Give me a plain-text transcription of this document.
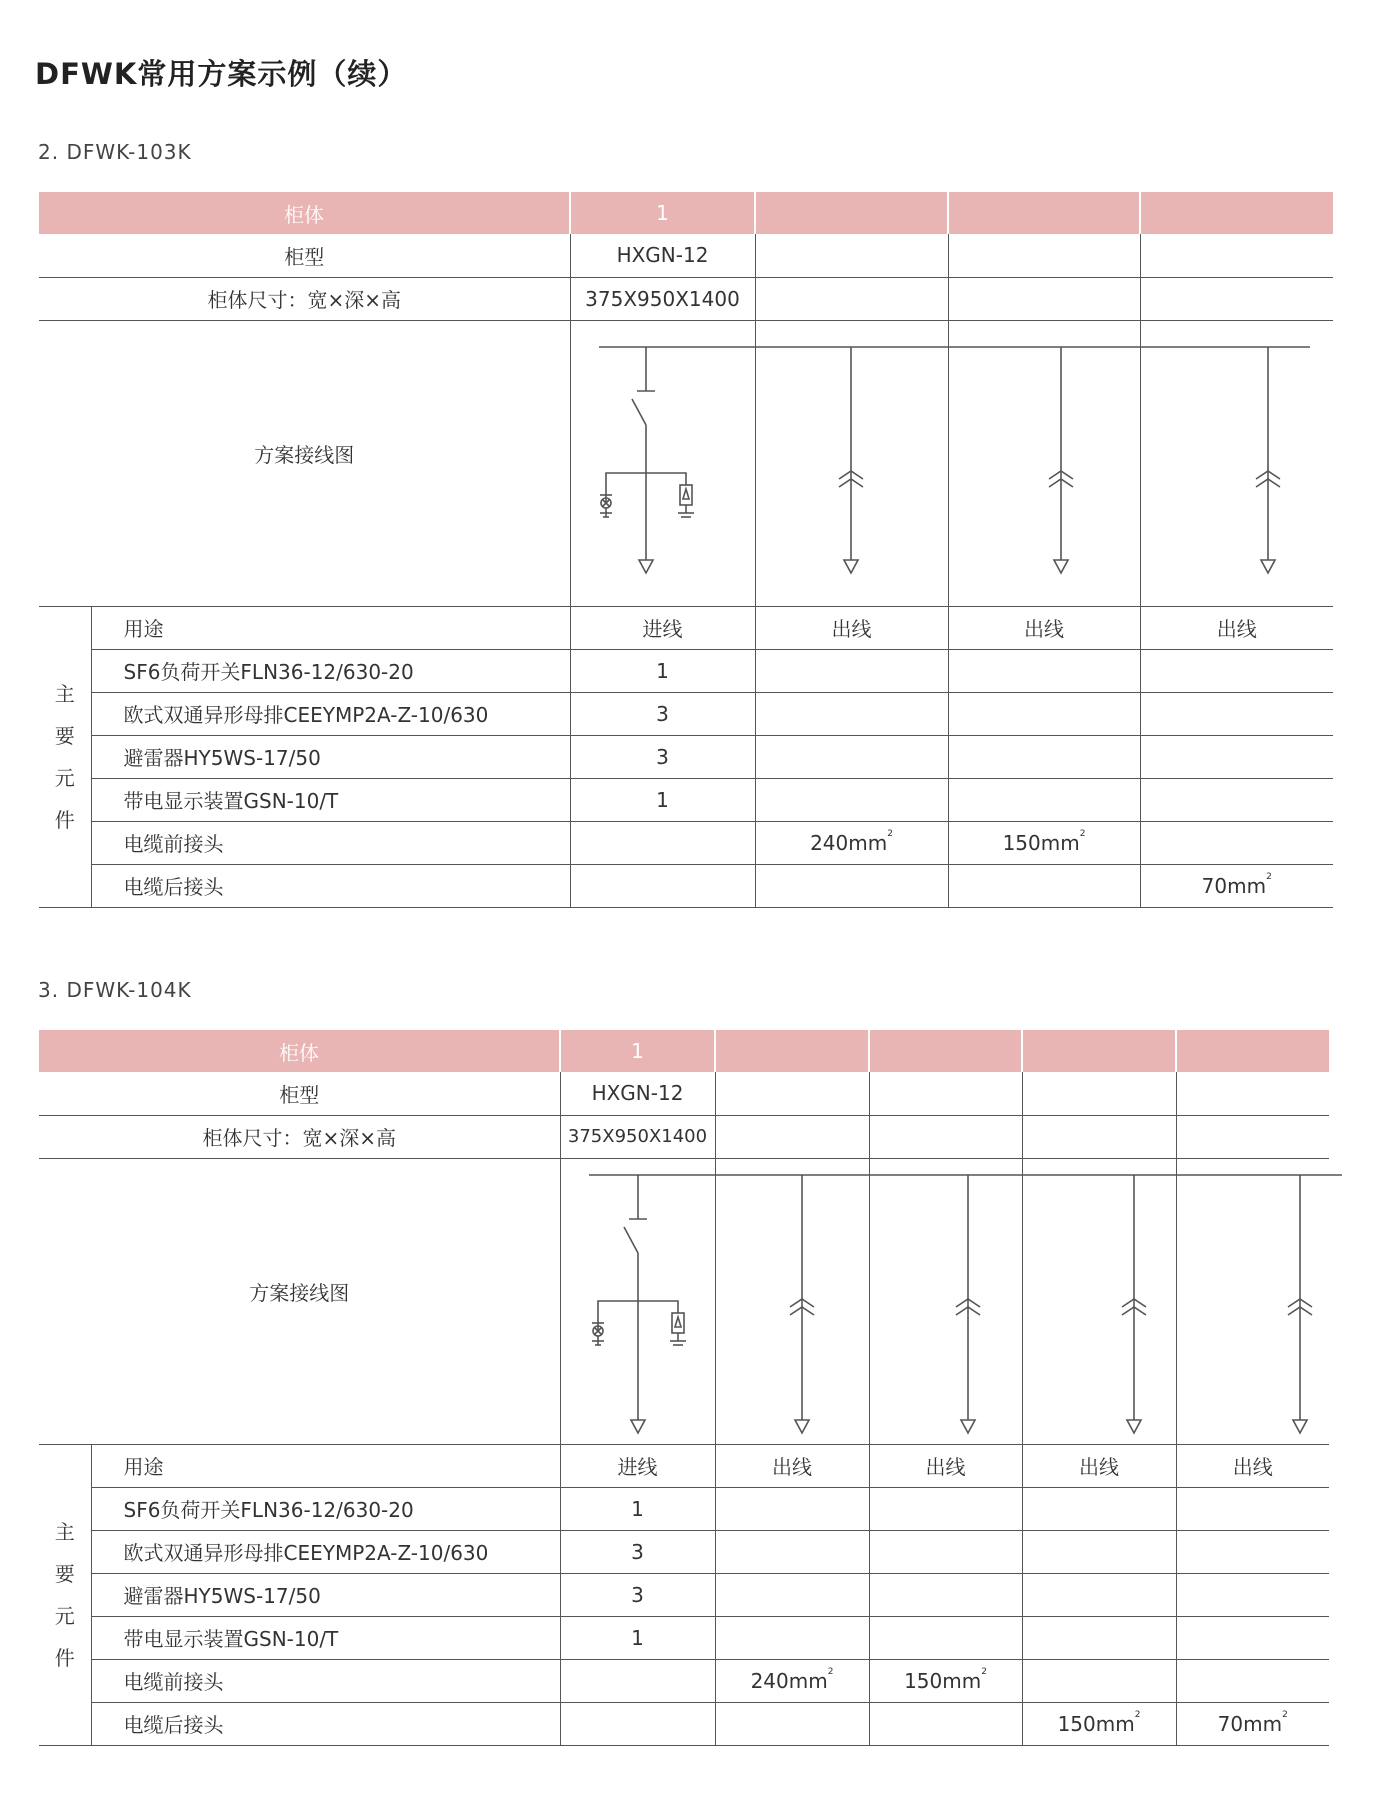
DFWK常用方案示例（续）

2. DFWK-103K

柜体		1			
柜型		HXGN-12			
柜体尺寸：宽×深×高		375X950X1400			
方案接线图					

主
要
元
件	用途	进线	出线	出线	出线
	SF6负荷开关FLN36-12/630-20	1			
	欧式双通异形母排CEEYMP2A-Z-10/630	3			
	避雷器HY5WS-17/50	3			
	带电显示装置GSN-10/T	1			
	电缆前接头		$240mm^2$	$150mm^2$	
	电缆后接头				$70mm^2$

3. DFWK-104K

柜体		1				
柜型		HXGN-12				
柜体尺寸：宽×深×高		375X950X1400				
方案接线图						

主
要
元
件	用途	进线	出线	出线	出线	出线
	SF6负荷开关FLN36-12/630-20	1				
	欧式双通异形母排CEEYMP2A-Z-10/630	3				
	避雷器HY5WS-17/50	3				
	带电显示装置GSN-10/T	1				
	电缆前接头		$240mm^2$	$150mm^2$		
	电缆后接头				$150mm^2$	$70mm^2$
